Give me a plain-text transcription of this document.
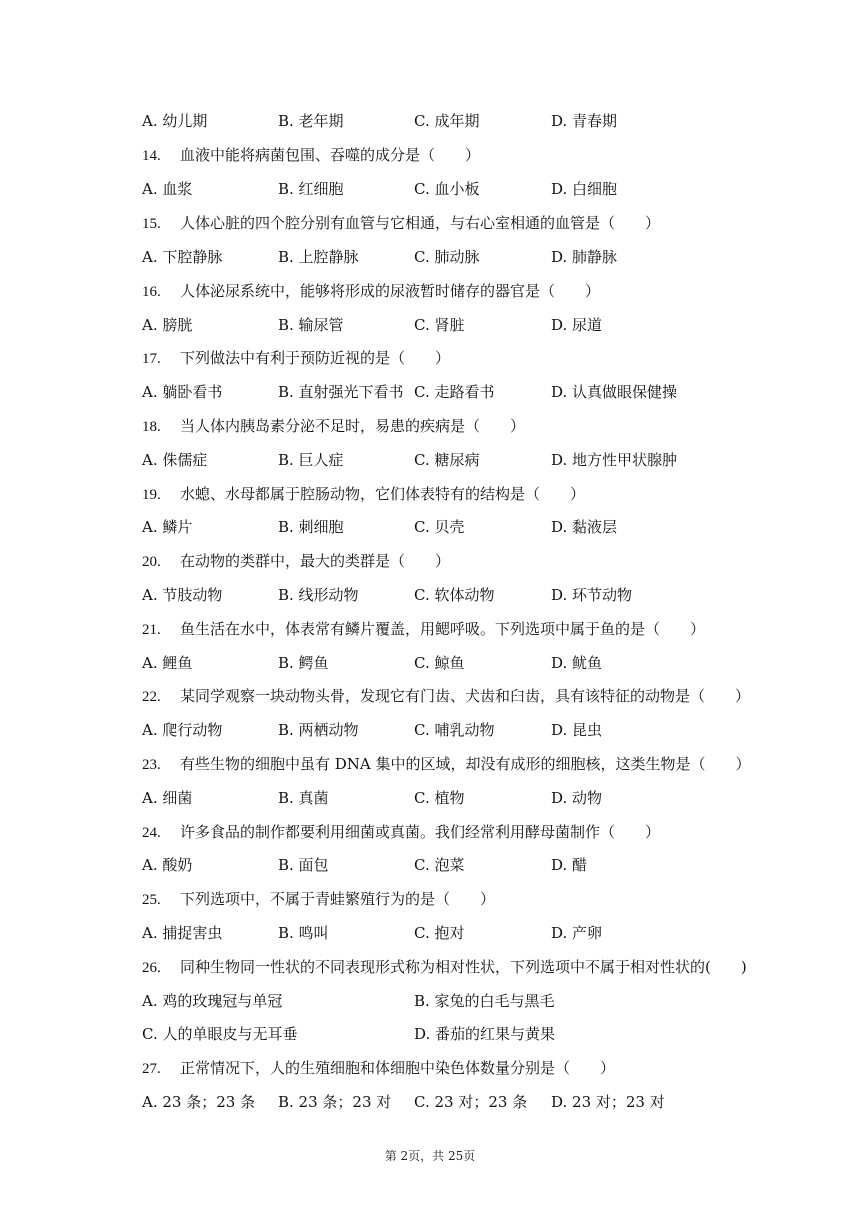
A. 幼儿期	B. 老年期	C. 成年期	D. 青春期
14. 血液中能将病菌包围、吞噬的成分是（　　）
A. 血浆	B. 红细胞	C. 血小板	D. 白细胞
15. 人体心脏的四个腔分别有血管与它相通，与右心室相通的血管是（　　）
A. 下腔静脉	B. 上腔静脉	C. 肺动脉	D. 肺静脉
16. 人体泌尿系统中，能够将形成的尿液暂时储存的器官是（　　）
A. 膀胱	B. 输尿管	C. 肾脏	D. 尿道
17. 下列做法中有利于预防近视的是（　　）
A. 躺卧看书	B. 直射强光下看书 C. 走路看书	D. 认真做眼保健操
18. 当人体内胰岛素分泌不足时，易患的疾病是（　　）
A. 侏儒症	B. 巨人症	C. 糖尿病	D. 地方性甲状腺肿
19. 水螅、水母都属于腔肠动物，它们体表特有的结构是（　　）
A. 鳞片	B. 刺细胞	C. 贝壳	D. 黏液层
20. 在动物的类群中，最大的类群是（　　）
A. 节肢动物	B. 线形动物	C. 软体动物	D. 环节动物
21. 鱼生活在水中，体表常有鳞片覆盖，用鳃呼吸。下列选项中属于鱼的是（　　）
A. 鲤鱼	B. 鳄鱼	C. 鲸鱼	D. 鱿鱼
22. 某同学观察一块动物头骨，发现它有门齿、犬齿和臼齿，具有该特征的动物是（　　）
A. 爬行动物	B. 两栖动物	C. 哺乳动物	D. 昆虫
23. 有些生物的细胞中虽有 DNA 集中的区域，却没有成形的细胞核，这类生物是（　　）
A. 细菌	B. 真菌	C. 植物	D. 动物
24. 许多食品的制作都要利用细菌或真菌。我们经常利用酵母菌制作（　　）
A. 酸奶	B. 面包	C. 泡菜	D. 醋
25. 下列选项中，不属于青蛙繁殖行为的是（　　）
A. 捕捉害虫	B. 鸣叫	C. 抱对	D. 产卵
26. 同种生物同一性状的不同表现形式称为相对性状，下列选项中不属于相对性状的(　　)
A. 鸡的玫瑰冠与单冠	B. 家兔的白毛与黑毛
C. 人的单眼皮与无耳垂	D. 番茄的红果与黄果
27. 正常情况下，人的生殖细胞和体细胞中染色体数量分别是（　　）
A. 23 条；23 条 B. 23 条；23 对 C. 23 对；23 条 D. 23 对；23 对
第 2页，共 25页
